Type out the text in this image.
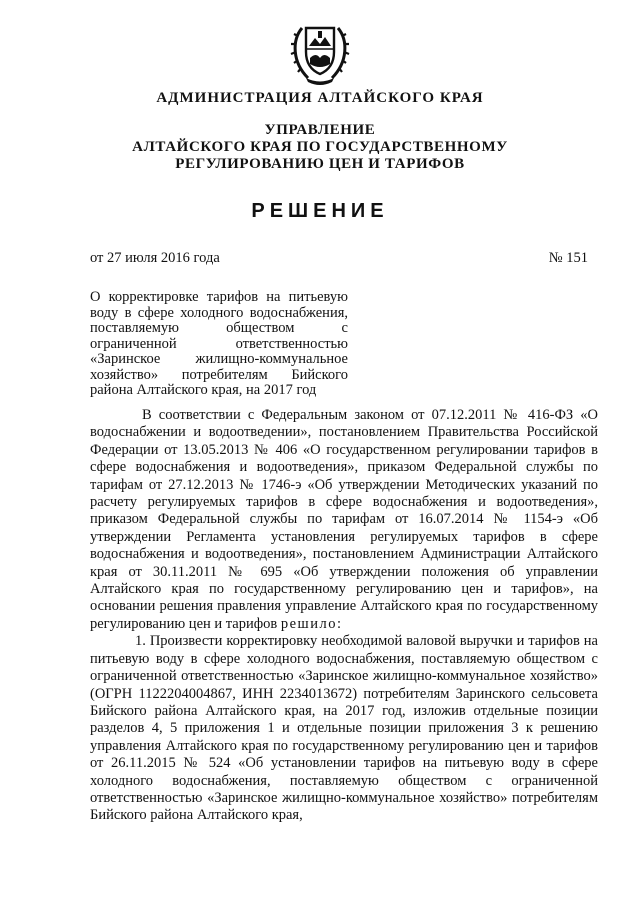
АДМИНИСТРАЦИЯ АЛТАЙСКОГО КРАЯ
УПРАВЛЕНИЕ
АЛТАЙСКОГО КРАЯ ПО ГОСУДАРСТВЕННОМУ
РЕГУЛИРОВАНИЮ ЦЕН И ТАРИФОВ
РЕШЕНИЕ
от 27 июля 2016 года	№ 151
О корректировке тарифов на питьевую воду в сфере холодного водоснабжения, поставляемую обществом с ограниченной ответственностью «Заринское жилищно-коммунальное хозяйство» потребителям Бийского района Алтайского края, на 2017 год

В соответствии с Федеральным законом от 07.12.2011 № 416-ФЗ «О водоснабжении и водоотведении», постановлением Правительства Российской Федерации от 13.05.2013 № 406 «О государственном регулировании тарифов в сфере водоснабжения и водоотведения», приказом Федеральной службы по тарифам от 27.12.2013 № 1746-э «Об утверждении Методических указаний по расчету регулируемых тарифов в сфере водоснабжения и водоотведения», приказом Федеральной службы по тарифам от 16.07.2014 № 1154-э «Об утверждении Регламента установления регулируемых тарифов в сфере водоснабжения и водоотведения», постановлением Администрации Алтайского края от 30.11.2011 № 695 «Об утверждении положения об управлении Алтайского края по государственному регулированию цен и тарифов», на основании решения правления управление Алтайского края по государственному регулированию цен и тарифов решило:

1. Произвести корректировку необходимой валовой выручки и тарифов на питьевую воду в сфере холодного водоснабжения, поставляемую обществом с ограниченной ответственностью «Заринское жилищно-коммунальное хозяйство» (ОГРН 1122204004867, ИНН 2234013672) потребителям Заринского сельсовета Бийского района Алтайского края, на 2017 год, изложив отдельные позиции разделов 4, 5 приложения 1 и отдельные позиции приложения 3 к решению управления Алтайского края по государственному регулированию цен и тарифов от 26.11.2015 № 524 «Об установлении тарифов на питьевую воду в сфере холодного водоснабжения, поставляемую обществом с ограниченной ответственностью «Заринское жилищно-коммунальное хозяйство» потребителям Бийского района Алтайского края,
